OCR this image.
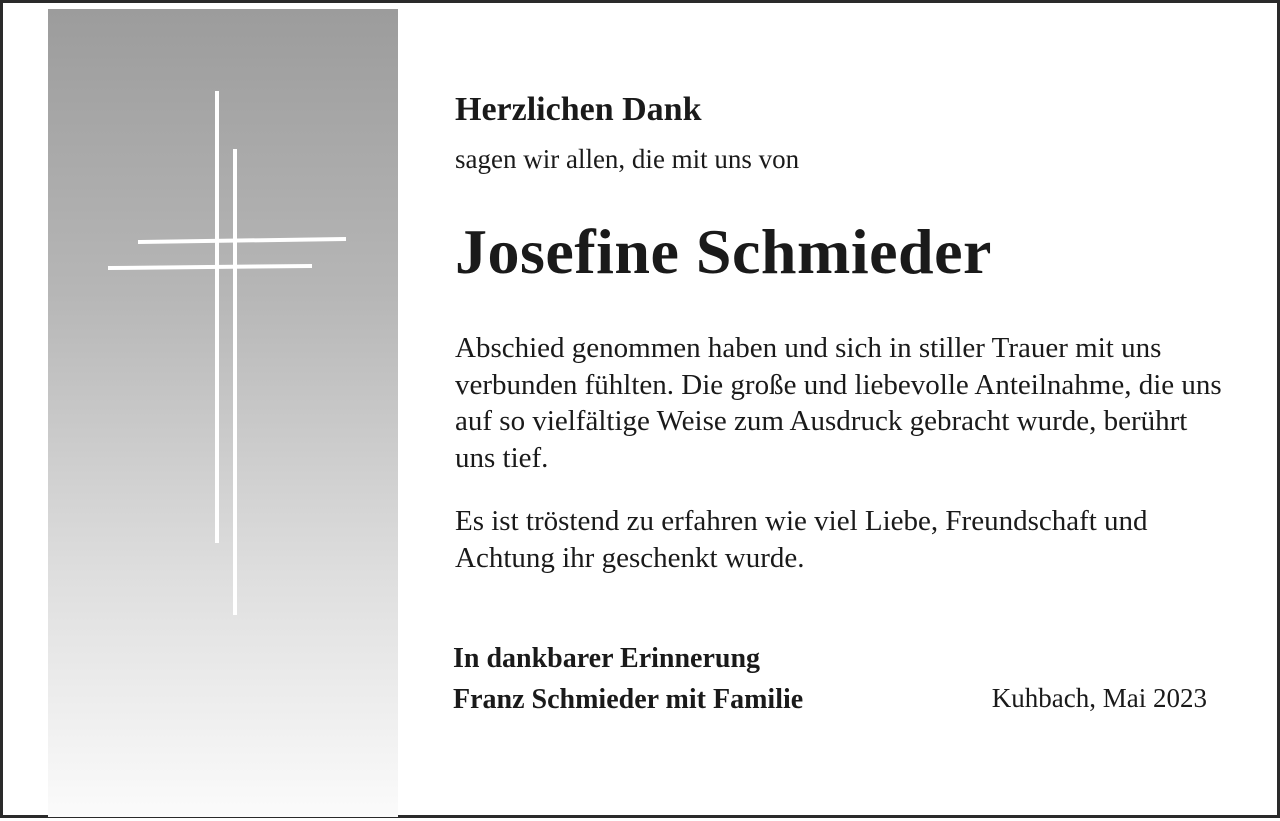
Herzlichen Dank

sagen wir allen, die mit uns von

Josefine Schmieder

Abschied genommen haben und sich in stiller Trauer mit uns verbunden fühlten. Die große und liebevolle Anteilnahme, die uns auf so vielfältige Weise zum Ausdruck gebracht wurde, berührt uns tief.

Es ist tröstend zu erfahren wie viel Liebe, Freundschaft und Achtung ihr geschenkt wurde.

In dankbarer Erinnerung

Franz Schmieder mit Familie	Kuhbach, Mai 2023
